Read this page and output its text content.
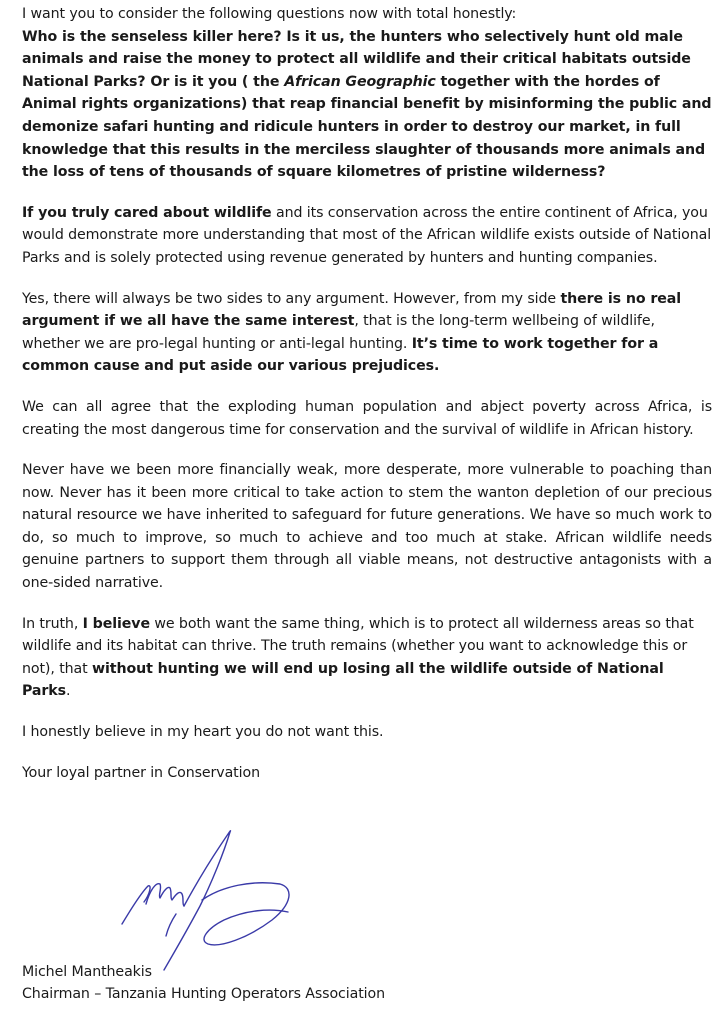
I want you to consider the following questions now with total honestly:
Who is the senseless killer here? Is it us, the hunters who selectively hunt old male animals and raise the money to protect all wildlife and their critical habitats outside National Parks? Or is it you ( the African Geographic together with the hordes of Animal rights organizations) that reap financial benefit by misinforming the public and demonize safari hunting and ridicule hunters in order to destroy our market, in full knowledge that this results in the merciless slaughter of thousands more animals and the loss of tens of thousands of square kilometres of pristine wilderness?

If you truly cared about wildlife and its conservation across the entire continent of Africa, you would demonstrate more understanding that most of the African wildlife exists outside of National Parks and is solely protected using revenue generated by hunters and hunting companies.

Yes, there will always be two sides to any argument. However, from my side there is no real argument if we all have the same interest, that is the long-term wellbeing of wildlife, whether we are pro-legal hunting or anti-legal hunting. It’s time to work together for a common cause and put aside our various prejudices.

We can all agree that the exploding human population and abject poverty across Africa, is creating the most dangerous time for conservation and the survival of wildlife in African history.

Never have we been more financially weak, more desperate, more vulnerable to poaching than now. Never has it been more critical to take action to stem the wanton depletion of our precious natural resource we have inherited to safeguard for future generations. We have so much work to do, so much to improve, so much to achieve and too much at stake. African wildlife needs genuine partners to support them through all viable means, not destructive antagonists with a one-sided narrative.

In truth, I believe we both want the same thing, which is to protect all wilderness areas so that wildlife and its habitat can thrive. The truth remains (whether you want to acknowledge this or not), that without hunting we will end up losing all the wildlife outside of National Parks.

I honestly believe in my heart you do not want this.

Your loyal partner in Conservation

Michel Mantheakis
Chairman – Tanzania Hunting Operators Association
